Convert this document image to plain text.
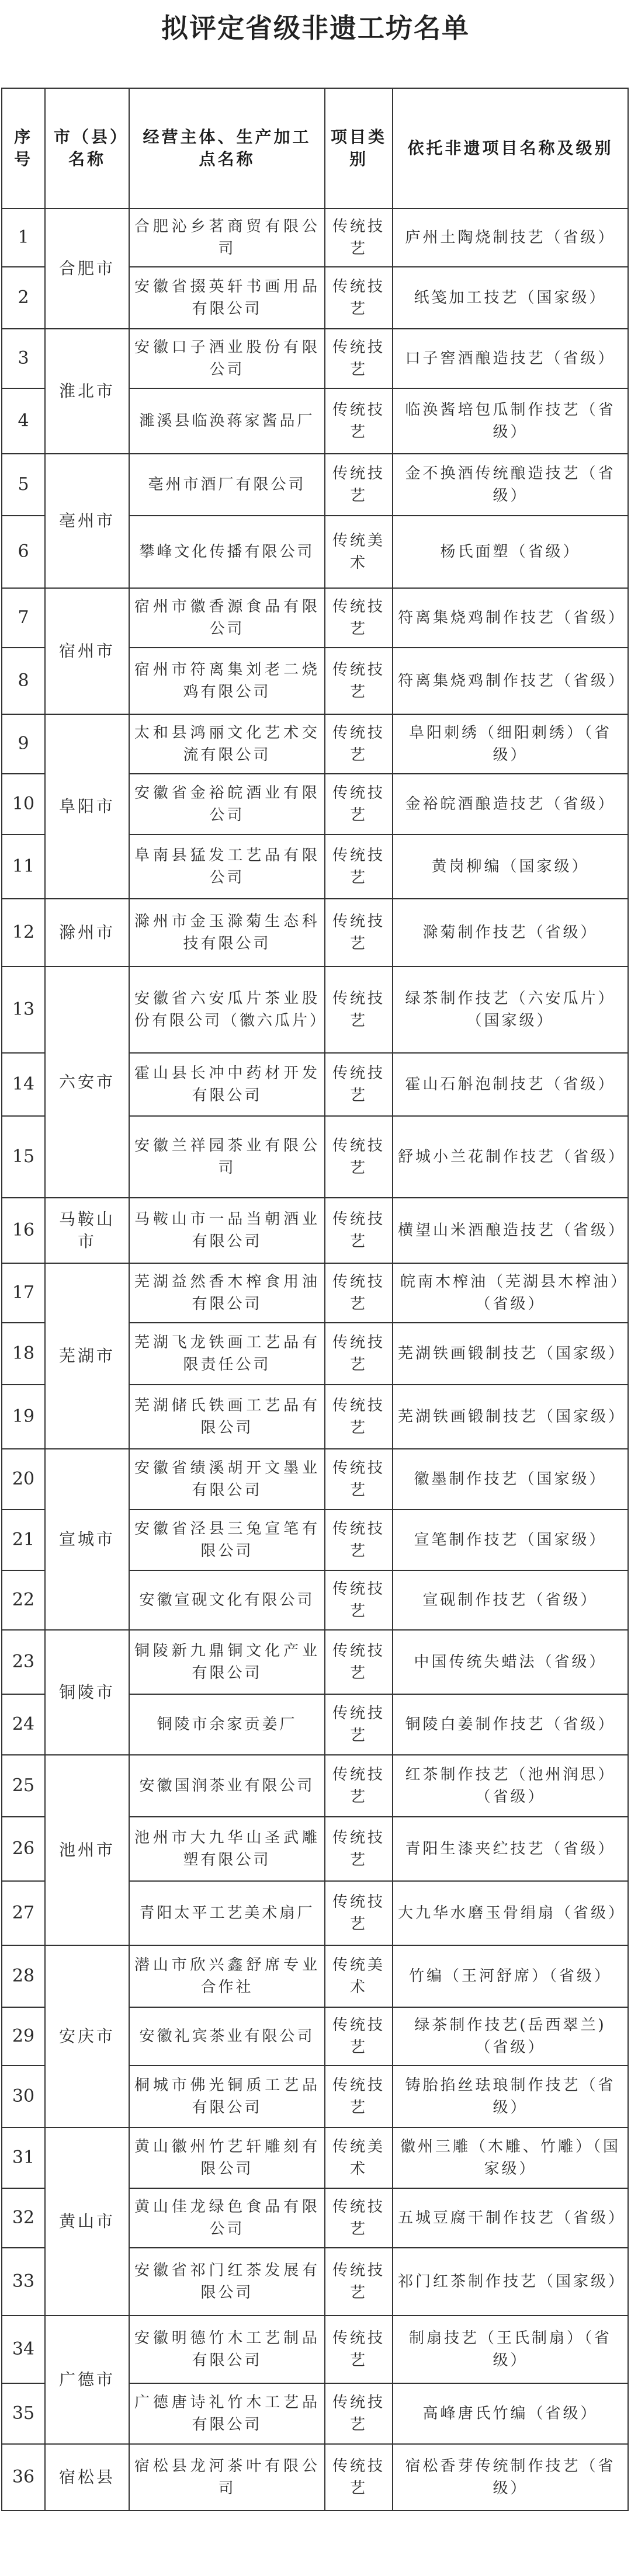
拟评定省级非遗工坊名单
序号	市（县）名称	经营主体、生产加工点名称	项目类别	依托非遗项目名称及级别
1	合肥市	合肥沁乡茗商贸有限公司	传统技艺	庐州土陶烧制技艺（省级）
2		安徽省掇英轩书画用品有限公司	传统技艺	纸笺加工技艺（国家级）
3	淮北市	安徽口子酒业股份有限公司	传统技艺	口子窖酒酿造技艺（省级）
4		濉溪县临涣蒋家酱品厂	传统技艺	临涣酱培包瓜制作技艺（省级）
5	亳州市	亳州市酒厂有限公司	传统技艺	金不换酒传统酿造技艺（省级）
6		攀峰文化传播有限公司	传统美术	杨氏面塑（省级）
7	宿州市	宿州市徽香源食品有限公司	传统技艺	符离集烧鸡制作技艺（省级）
8		宿州市符离集刘老二烧鸡有限公司	传统技艺	符离集烧鸡制作技艺（省级）
9	阜阳市	太和县鸿丽文化艺术交流有限公司	传统技艺	阜阳刺绣（细阳刺绣）（省级）
10		安徽省金裕皖酒业有限公司	传统技艺	金裕皖酒酿造技艺（省级）
11		阜南县猛发工艺品有限公司	传统技艺	黄岗柳编（国家级）
12	滁州市	滁州市金玉滁菊生态科技有限公司	传统技艺	滁菊制作技艺（省级）
13	六安市	安徽省六安瓜片茶业股份有限公司（徽六瓜片）	传统技艺	绿茶制作技艺（六安瓜片）（国家级）
14		霍山县长冲中药材开发有限公司	传统技艺	霍山石斛泡制技艺（省级）
15		安徽兰祥园茶业有限公司	传统技艺	舒城小兰花制作技艺（省级）
16	马鞍山市	马鞍山市一品当朝酒业有限公司	传统技艺	横望山米酒酿造技艺（省级）
17	芜湖市	芜湖益然香木榨食用油有限公司	传统技艺	皖南木榨油（芜湖县木榨油）（省级）
18		芜湖飞龙铁画工艺品有限责任公司	传统技艺	芜湖铁画锻制技艺（国家级）
19		芜湖储氏铁画工艺品有限公司	传统技艺	芜湖铁画锻制技艺（国家级）
20	宣城市	安徽省绩溪胡开文墨业有限公司	传统技艺	徽墨制作技艺（国家级）
21		安徽省泾县三兔宣笔有限公司	传统技艺	宣笔制作技艺（国家级）
22		安徽宣砚文化有限公司	传统技艺	宣砚制作技艺（省级）
23	铜陵市	铜陵新九鼎铜文化产业有限公司	传统技艺	中国传统失蜡法（省级）
24		铜陵市余家贡姜厂	传统技艺	铜陵白姜制作技艺（省级）
25	池州市	安徽国润茶业有限公司	传统技艺	红茶制作技艺（池州润思）（省级）
26		池州市大九华山圣武雕塑有限公司	传统技艺	青阳生漆夹纻技艺（省级）
27		青阳太平工艺美术扇厂	传统技艺	大九华水磨玉骨绢扇（省级）
28	安庆市	潜山市欣兴鑫舒席专业合作社	传统美术	竹编（王河舒席）（省级）
29		安徽礼宾茶业有限公司	传统技艺	绿茶制作技艺(岳西翠兰)（省级）
30		桐城市佛光铜质工艺品有限公司	传统技艺	铸胎掐丝珐琅制作技艺（省级）
31	黄山市	黄山徽州竹艺轩雕刻有限公司	传统美术	徽州三雕（木雕、竹雕）（国家级）
32		黄山佳龙绿色食品有限公司	传统技艺	五城豆腐干制作技艺（省级）
33		安徽省祁门红茶发展有限公司	传统技艺	祁门红茶制作技艺（国家级）
34	广德市	安徽明德竹木工艺制品有限公司	传统技艺	制扇技艺（王氏制扇）（省级）
35		广德唐诗礼竹木工艺品有限公司	传统技艺	高峰唐氏竹编（省级）
36	宿松县	宿松县龙河茶叶有限公司	传统技艺	宿松香芽传统制作技艺（省级）
